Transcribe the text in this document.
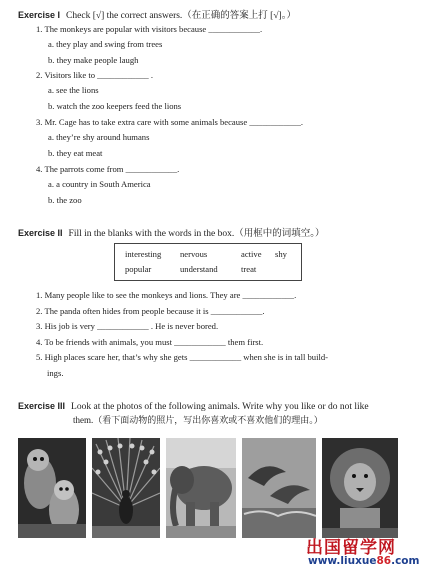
Exercise I Check [√] the correct answers.（在正确的答案上打 [√]。）
1. The monkeys are popular with visitors because ____________.
a. they play and swing from trees
b. they make people laugh
2. Visitors like to ____________ .
a. see the lions
b. watch the zoo keepers feed the lions
3. Mr. Cage has to take extra care with some animals because ____________.
a. they’re shy around humans
b. they eat meat
4. The parrots come from ____________.
a. a country in South America
b. the zoo
Exercise II Fill in the blanks with the words in the box.（用框中的词填空。）
interesting nervous	active shy
popular	understand	treat
1. Many people like to see the monkeys and lions. They are ____________.
2. The panda often hides from people because it is ____________.
3. His job is very ____________ . He is never bored.
4. To be friends with animals, you must ____________ them first.
5. High places scare her, that’s why she gets ____________ when she is in tall build-
ings.
Exercise III Look at the photos of the following animals. Write why you like or do not like
them.（看下面动物的照片，写出你喜欢或不喜欢他们的理由。）
出国留学网
www.liuxue86.com
